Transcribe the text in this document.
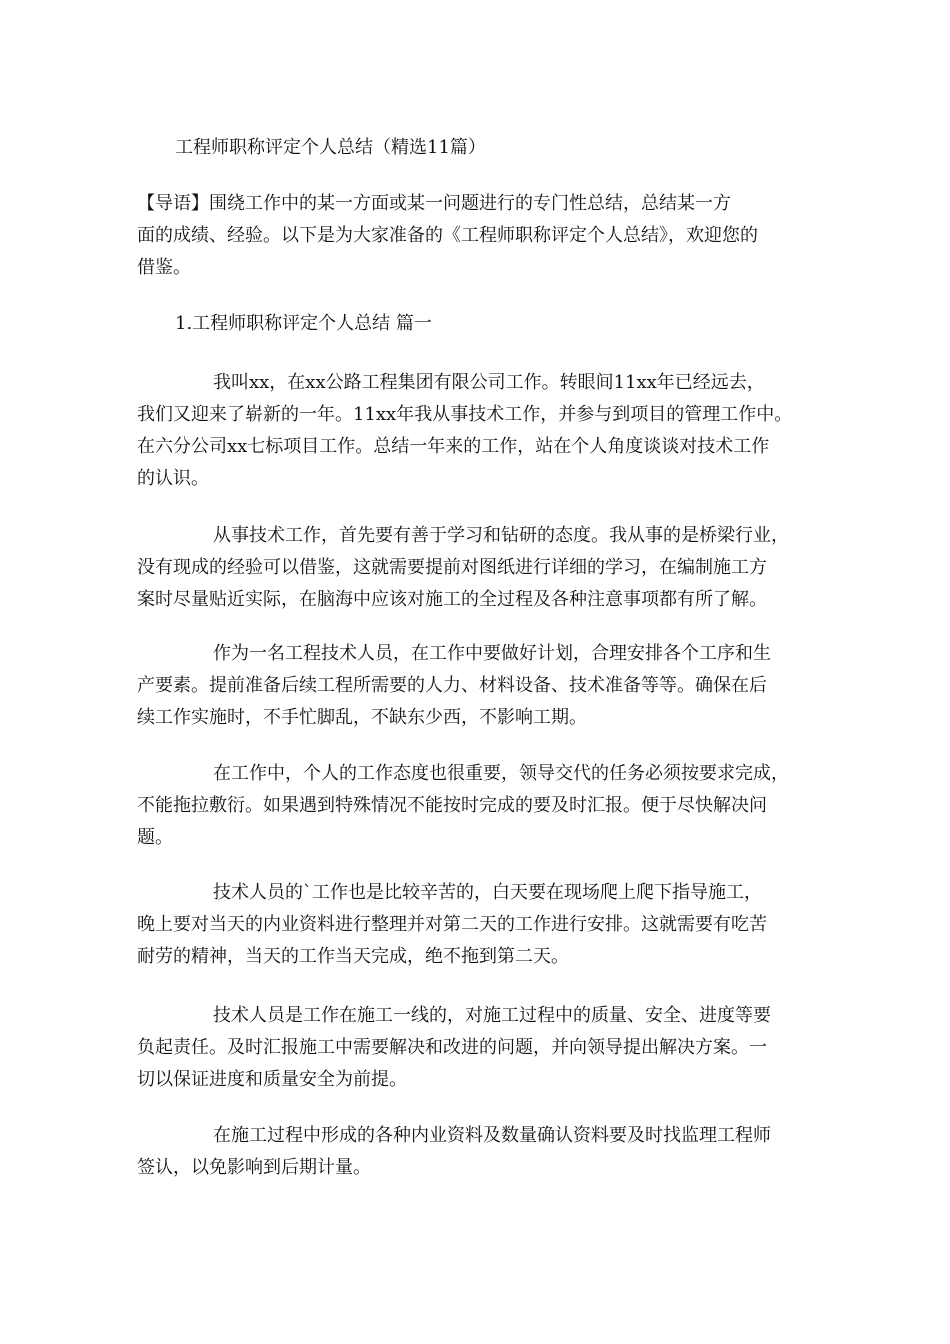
工程师职称评定个人总结（精选11篇）
【导语】围绕工作中的某一方面或某一问题进行的专门性总结，总结某一方
面的成绩、经验。以下是为大家准备的《工程师职称评定个人总结》，欢迎您的
借鉴。
1.工程师职称评定个人总结 篇一
我叫xx，在xx公路工程集团有限公司工作。转眼间11xx年已经远去，
我们又迎来了崭新的一年。11xx年我从事技术工作，并参与到项目的管理工作中。
在六分公司xx七标项目工作。总结一年来的工作，站在个人角度谈谈对技术工作
的认识。
从事技术工作，首先要有善于学习和钻研的态度。我从事的是桥梁行业，
没有现成的经验可以借鉴，这就需要提前对图纸进行详细的学习，在编制施工方
案时尽量贴近实际，在脑海中应该对施工的全过程及各种注意事项都有所了解。
作为一名工程技术人员，在工作中要做好计划，合理安排各个工序和生
产要素。提前准备后续工程所需要的人力、材料设备、技术准备等等。确保在后
续工作实施时，不手忙脚乱，不缺东少西，不影响工期。
在工作中，个人的工作态度也很重要，领导交代的任务必须按要求完成，
不能拖拉敷衍。如果遇到特殊情况不能按时完成的要及时汇报。便于尽快解决问
题。
技术人员的`工作也是比较辛苦的，白天要在现场爬上爬下指导施工，
晚上要对当天的内业资料进行整理并对第二天的工作进行安排。这就需要有吃苦
耐劳的精神，当天的工作当天完成，绝不拖到第二天。
技术人员是工作在施工一线的，对施工过程中的质量、安全、进度等要
负起责任。及时汇报施工中需要解决和改进的问题，并向领导提出解决方案。一
切以保证进度和质量安全为前提。
在施工过程中形成的各种内业资料及数量确认资料要及时找监理工程师
签认，以免影响到后期计量。
